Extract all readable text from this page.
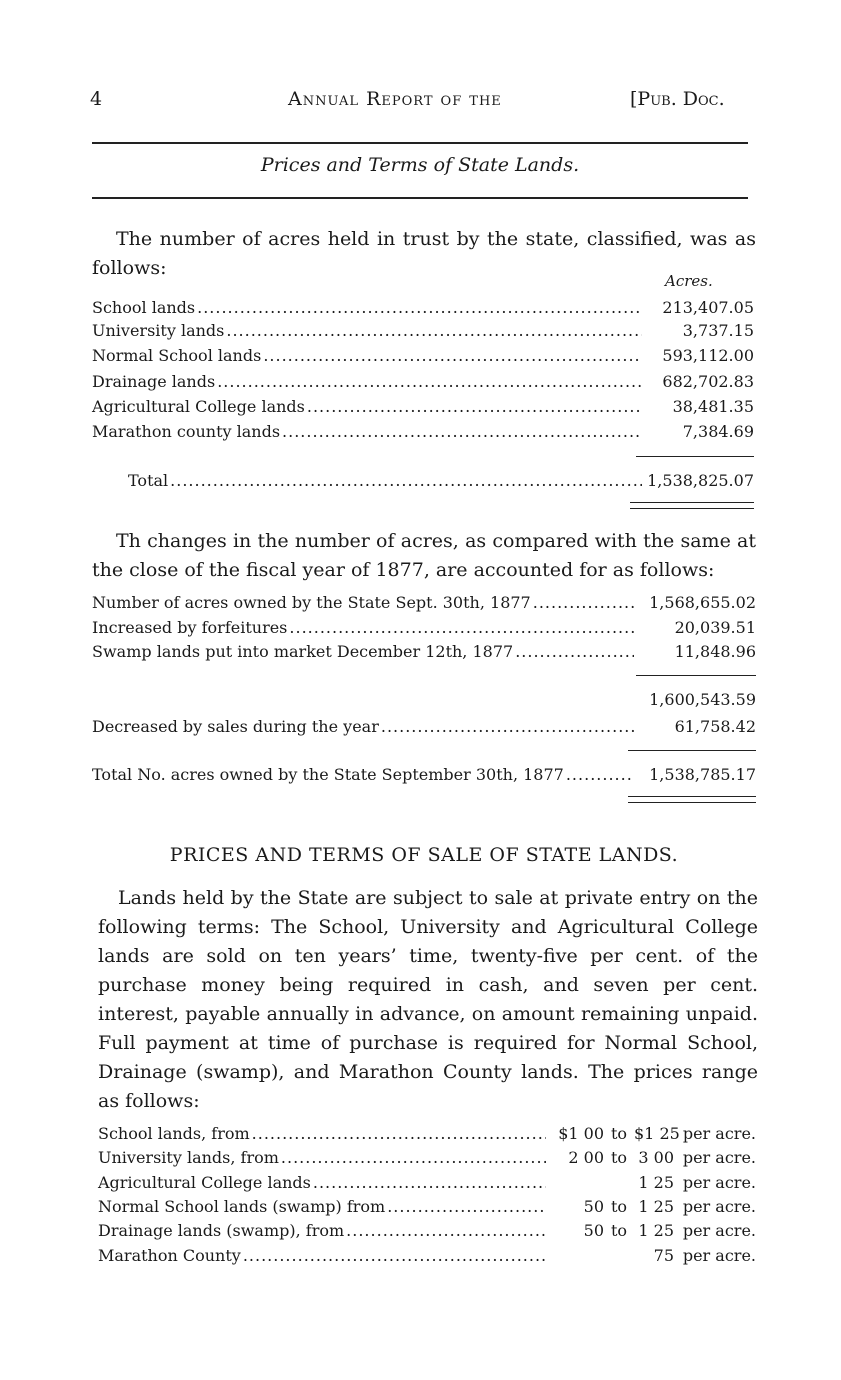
4	Annual Report of the	[Pub. Doc.
Prices and Terms of State Lands.
The number of acres held in trust by the state, classified, was as follows:
Acres.
School lands .....	213,407.05
University lands .....	3,737.15
Normal School lands .....	593,112.00
Drainage lands .....	682,702.83
Agricultural College lands .....	38,481.35
Marathon county lands .....	7,384.69
Total .....	1,538,825.07
Th changes in the number of acres, as compared with the same at the close of the fiscal year of 1877, are accounted for as follows:
Number of acres owned by the State Sept. 30th, 1877 .....	1,568,655.02
Increased by forfeitures .....	20,039.51
Swamp lands put into market December 12th, 1877 .....	11,848.96
1,600,543.59
Decreased by sales during the year .....	61,758.42
Total No. acres owned by the State September 30th, 1877 .....	1,538,785.17
PRICES AND TERMS OF SALE OF STATE LANDS.
Lands held by the State are subject to sale at private entry on the following terms: The School, University and Agricultural College lands are sold on ten years’ time, twenty-five per cent. of the purchase money being required in cash, and seven per cent. interest, payable annually in advance, on amount remaining unpaid. Full payment at time of purchase is required for Normal School, Drainage (swamp), and Marathon County lands. The prices range as follows:
School lands, from .....	$1 00 to $1 25 per acre.
University lands, from .....	2 00 to 3 00 per acre.
Agricultural College lands .....	1 25 per acre.
Normal School lands (swamp) from .....	50 to 1 25 per acre.
Drainage lands (swamp), from .....	50 to 1 25 per acre.
Marathon County .....	75 per acre.
